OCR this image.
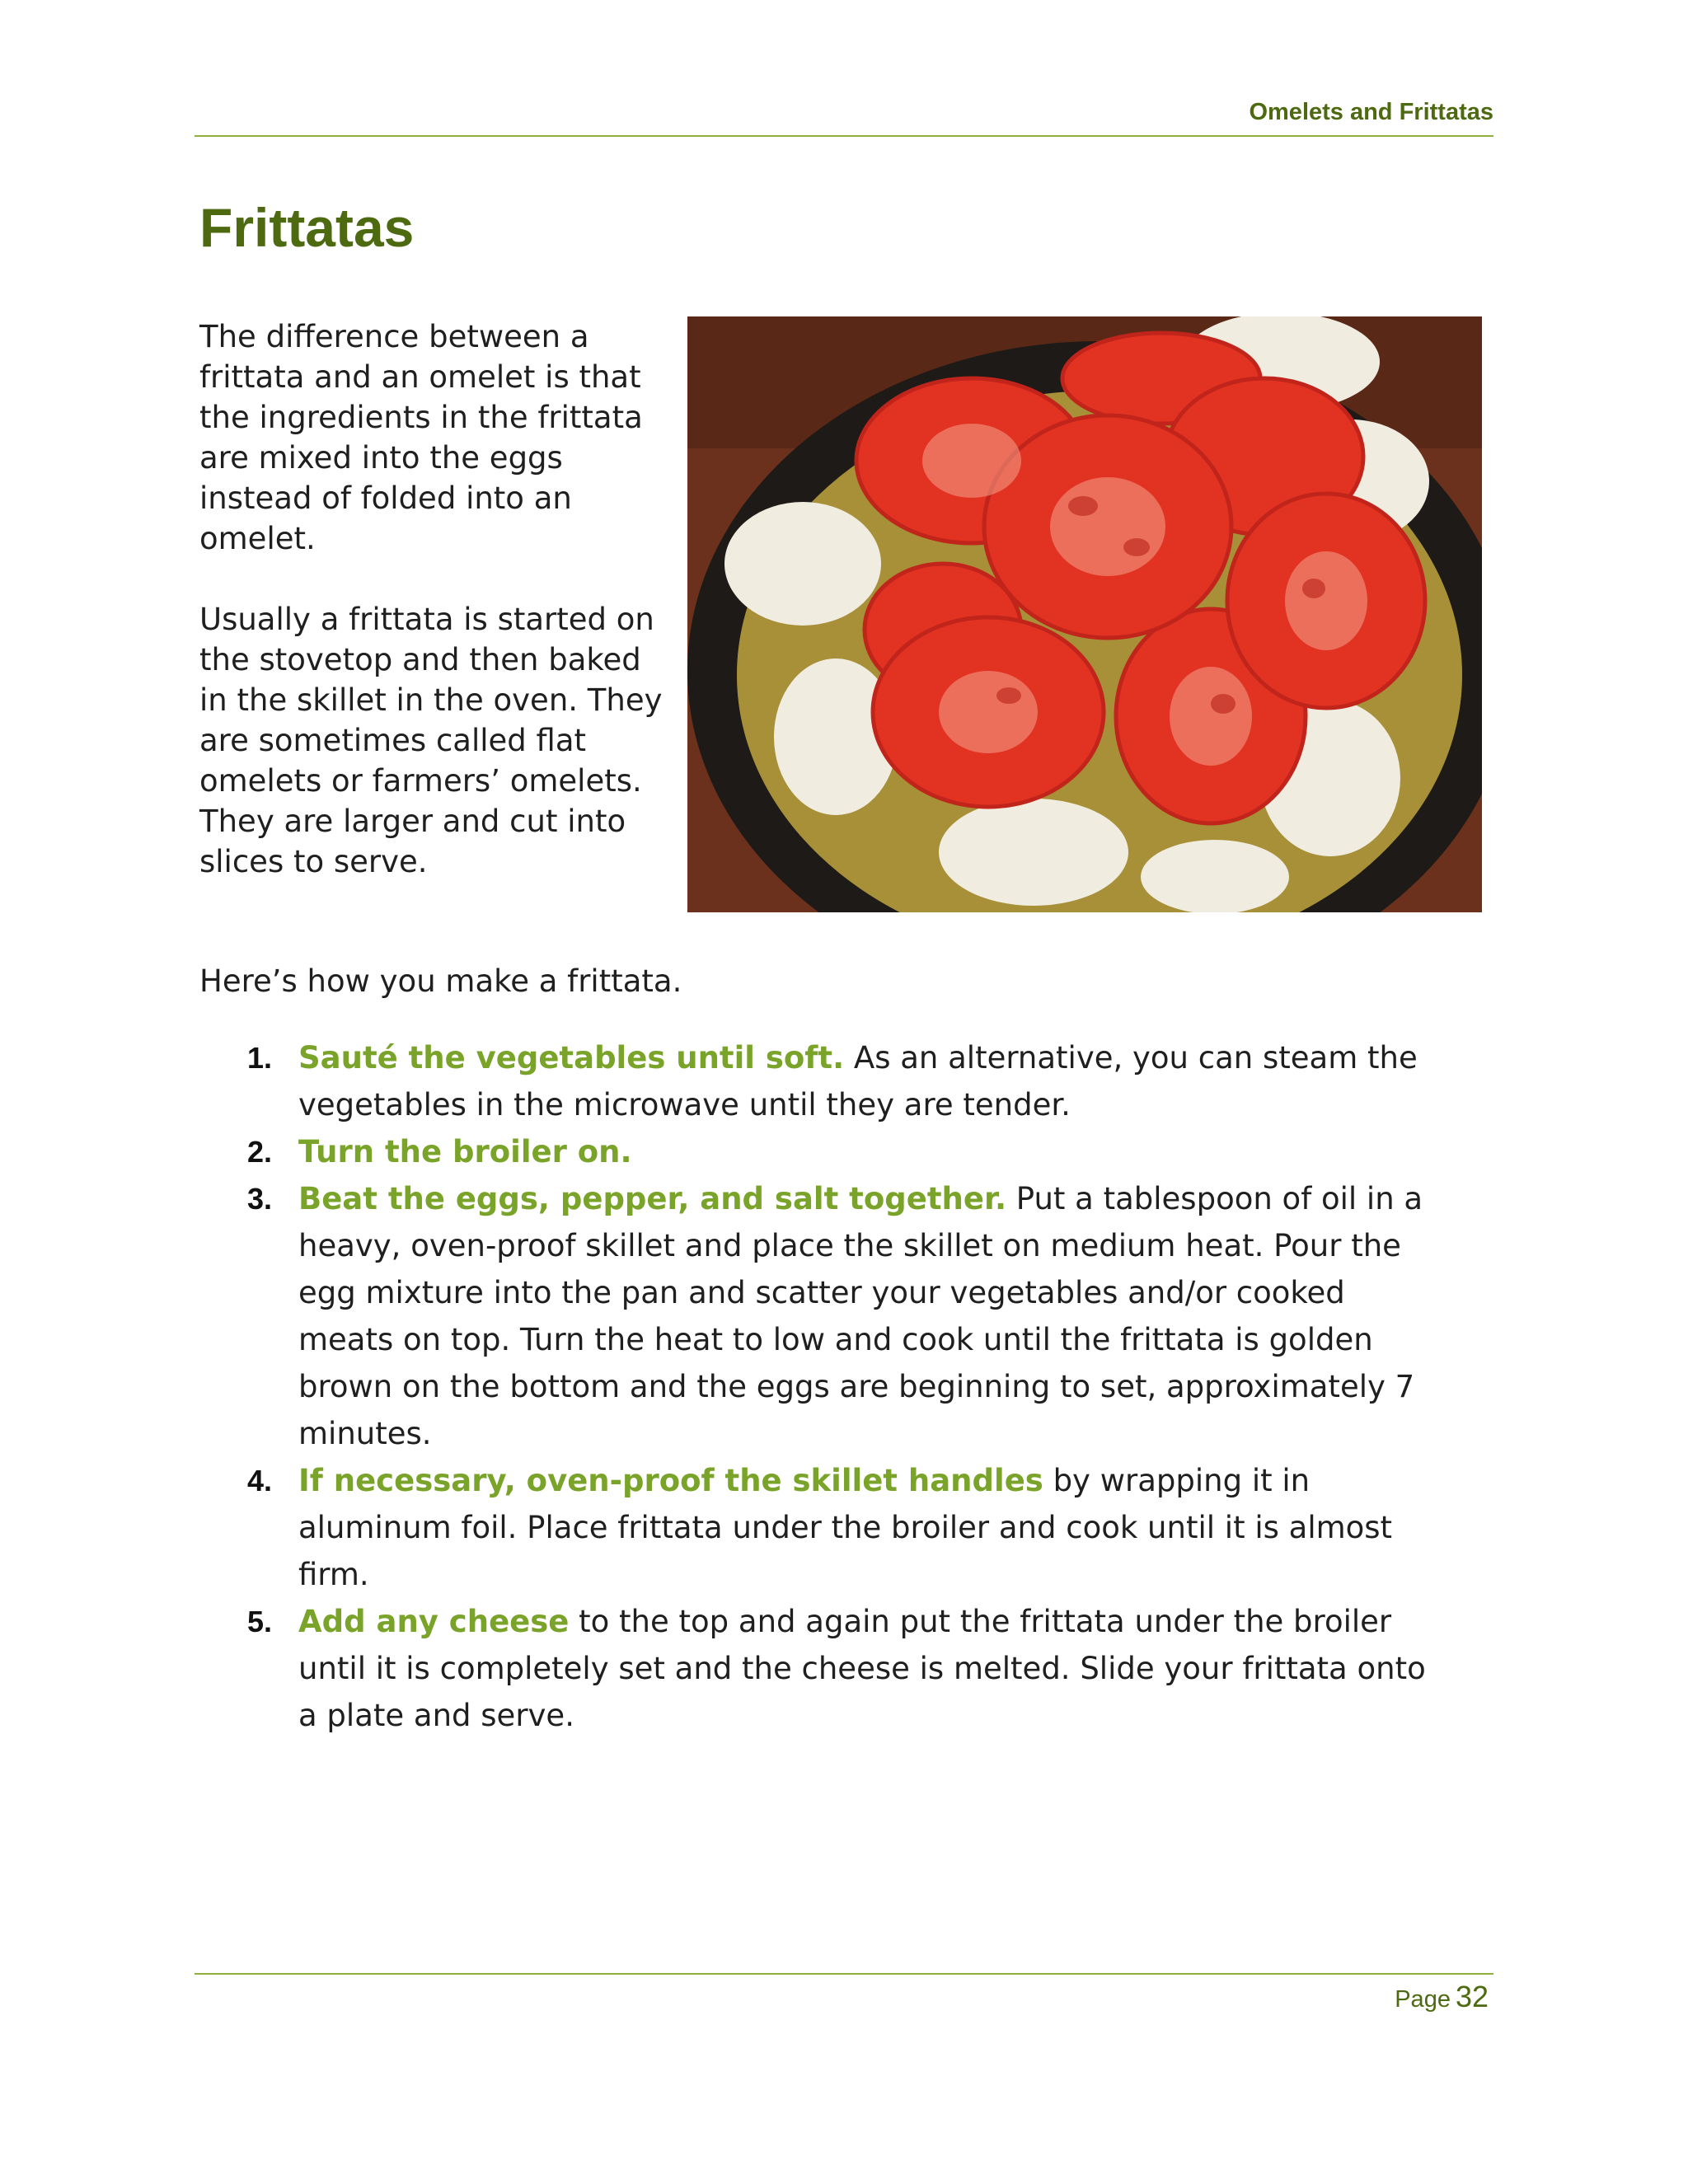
Omelets and Frittatas
Frittatas

The difference between a frittata and an omelet is that the ingredients in the frittata are mixed into the eggs instead of folded into an omelet.

Usually a frittata is started on the stovetop and then baked in the skillet in the oven. They are sometimes called flat omelets or farmers’ omelets. They are larger and cut into slices to serve.

Here’s how you make a frittata.

1. Sauté the vegetables until soft. As an alternative, you can steam the vegetables in the microwave until they are tender.
2. Turn the broiler on.
3. Beat the eggs, pepper, and salt together. Put a tablespoon of oil in a heavy, oven-proof skillet and place the skillet on medium heat. Pour the egg mixture into the pan and scatter your vegetables and/or cooked meats on top. Turn the heat to low and cook until the frittata is golden brown on the bottom and the eggs are beginning to set, approximately 7 minutes.
4. If necessary, oven-proof the skillet handles by wrapping it in aluminum foil. Place frittata under the broiler and cook until it is almost firm.
5. Add any cheese to the top and again put the frittata under the broiler until it is completely set and the cheese is melted. Slide your frittata onto a plate and serve.
Page 32
